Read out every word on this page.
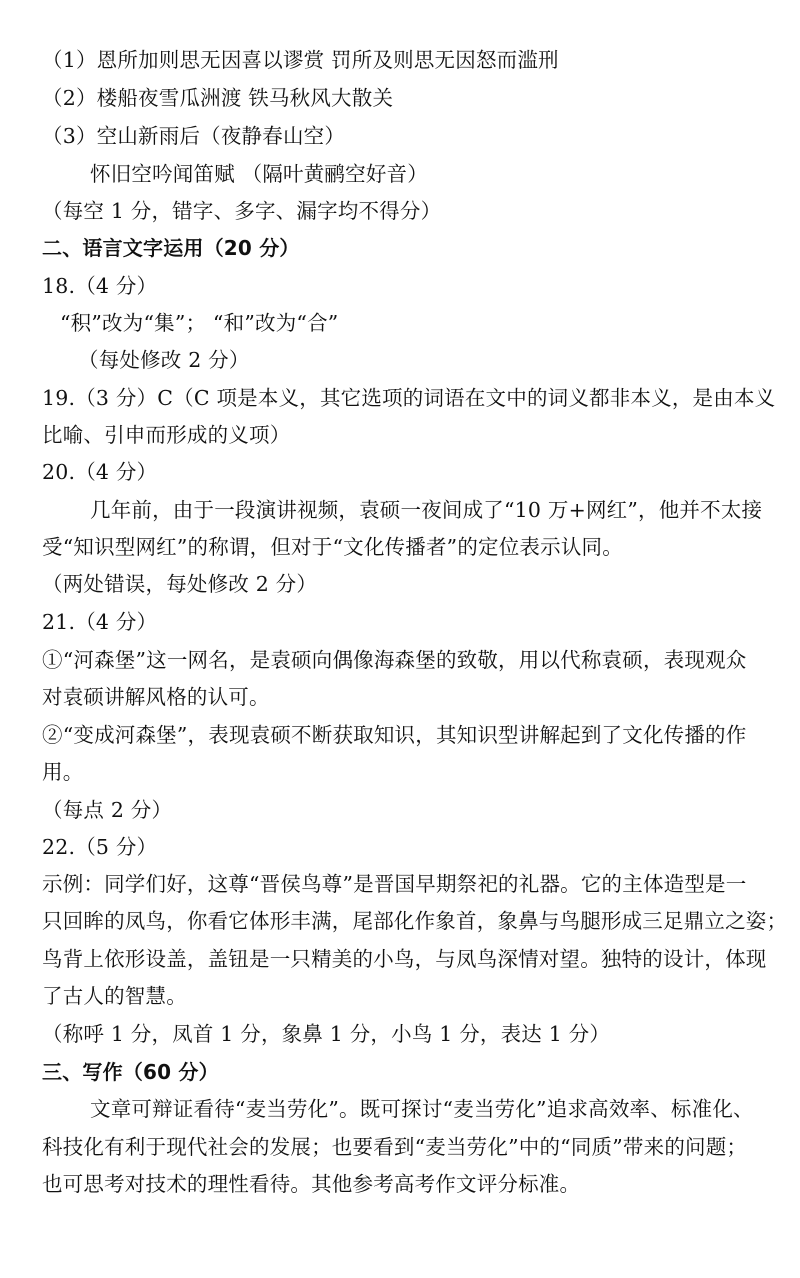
（1）恩所加则思无因喜以谬赏 罚所及则思无因怒而滥刑
（2）楼船夜雪瓜洲渡 铁马秋风大散关
（3）空山新雨后（夜静春山空）
怀旧空吟闻笛赋 （隔叶黄鹂空好音）
（每空 1 分，错字、多字、漏字均不得分）
二、语言文字运用（20 分）
18.（4 分）
“积”改为“集”； “和”改为“合”
（每处修改 2 分）
19.（3 分）C（C 项是本义，其它选项的词语在文中的词义都非本义，是由本义
比喻、引申而形成的义项）
20.（4 分）
几年前，由于一段演讲视频，袁硕一夜间成了“10 万+网红”，他并不太接
受“知识型网红”的称谓，但对于“文化传播者”的定位表示认同。
（两处错误，每处修改 2 分）
21.（4 分）
①“河森堡”这一网名，是袁硕向偶像海森堡的致敬，用以代称袁硕，表现观众
对袁硕讲解风格的认可。
②“变成河森堡”，表现袁硕不断获取知识，其知识型讲解起到了文化传播的作
用。
（每点 2 分）
22.（5 分）
示例：同学们好，这尊“晋侯鸟尊”是晋国早期祭祀的礼器。它的主体造型是一
只回眸的凤鸟，你看它体形丰满，尾部化作象首，象鼻与鸟腿形成三足鼎立之姿；
鸟背上依形设盖，盖钮是一只精美的小鸟，与凤鸟深情对望。独特的设计，体现
了古人的智慧。
（称呼 1 分，凤首 1 分，象鼻 1 分，小鸟 1 分，表达 1 分）
三、写作（60 分）
文章可辩证看待“麦当劳化”。既可探讨“麦当劳化”追求高效率、标准化、
科技化有利于现代社会的发展；也要看到“麦当劳化”中的“同质”带来的问题；
也可思考对技术的理性看待。其他参考高考作文评分标准。
